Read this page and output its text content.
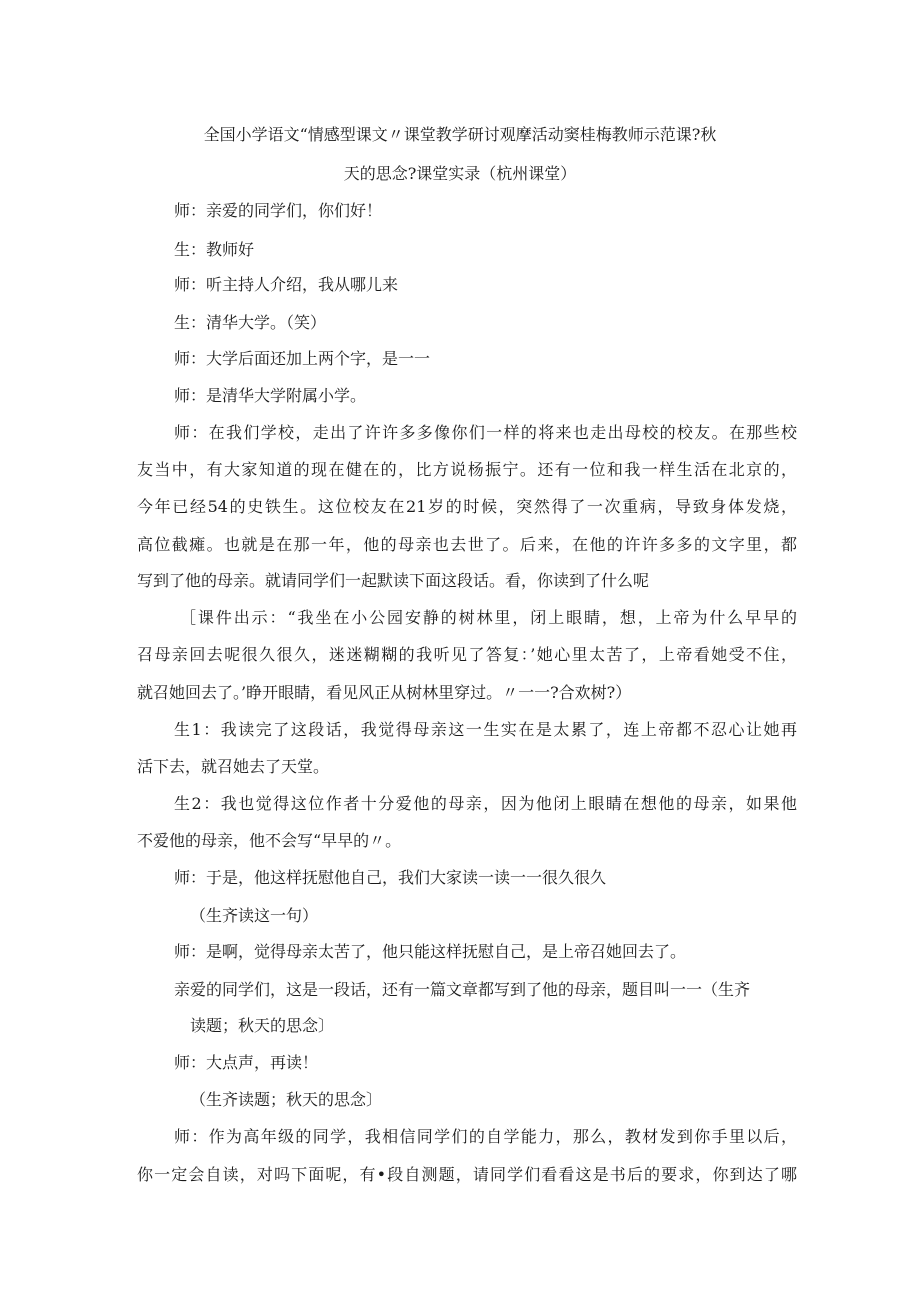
全国小学语文“情感型课文〃课堂教学研讨观摩活动窦桂梅教师示范课?秋
天的思念?课堂实录（杭州课堂）
师：亲爱的同学们，你们好！
生：教师好
师：听主持人介绍，我从哪儿来
生：清华大学。（笑）
师：大学后面还加上两个字，是一一
师：是清华大学附属小学。
师：在我们学校，走出了许许多多像你们一样的将来也走出母校的校友。在那些校
友当中，有大家知道的现在健在的，比方说杨振宁。还有一位和我一样生活在北京的，
今年已经54的史铁生。这位校友在21岁的时候，突然得了一次重病，导致身体发烧，
高位截瘫。也就是在那一年，他的母亲也去世了。后来，在他的许许多多的文字里，都
写到了他的母亲。就请同学们一起默读下面这段话。看，你读到了什么呢
［课件出示：“我坐在小公园安静的树林里，闭上眼睛，想，上帝为什么早早的
召母亲回去呢很久很久，迷迷糊糊的我听见了答复：’她心里太苦了，上帝看她受不住，
就召她回去了。’睁开眼睛，看见风正从树林里穿过。〃一一?合欢树?）
生1：我读完了这段话，我觉得母亲这一生实在是太累了，连上帝都不忍心让她再
活下去，就召她去了天堂。
生2：我也觉得这位作者十分爱他的母亲，因为他闭上眼睛在想他的母亲，如果他
不爱他的母亲，他不会写“早早的〃。
师：于是，他这样抚慰他自己，我们大家读一读一一很久很久
（生齐读这一句）
师：是啊，觉得母亲太苦了，他只能这样抚慰自己，是上帝召她回去了。
亲爱的同学们，这是一段话，还有一篇文章都写到了他的母亲，题目叫一一（生齐
读题；秋天的思念〕
师：大点声，再读！
（生齐读题；秋天的思念〕
师：作为高年级的同学，我相信同学们的自学能力，那么，教材发到你手里以后，
你一定会自读，对吗下面呢，有•段自测题，请同学们看看这是书后的要求，你到达了哪
